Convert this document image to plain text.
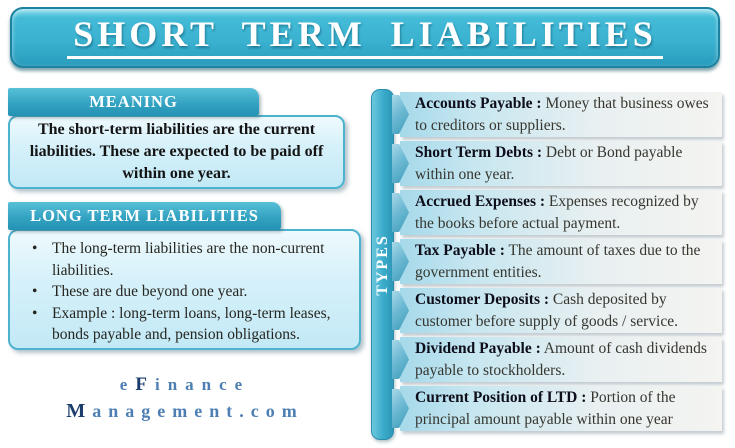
SHORT TERM LIABILITIES
MEANING
The short-term liabilities are the current liabilities. These are expected to be paid off within one year.
LONG TERM LIABILITIES
• The long-term liabilities are the non-current liabilities.
• These are due beyond one year.
• Example : long-term loans, long-term leases, bonds payable and, pension obligations.
eFinance
Management.com
TYPES
Accounts Payable : Money that business owes to creditors or suppliers.
Short Term Debts : Debt or Bond payable within one year.
Accrued Expenses : Expenses recognized by the books before actual payment.
Tax Payable : The amount of taxes due to the government entities.
Customer Deposits : Cash deposited by customer before supply of goods / service.
Dividend Payable : Amount of cash dividends payable to stockholders.
Current Position of LTD : Portion of the principal amount payable within one year
